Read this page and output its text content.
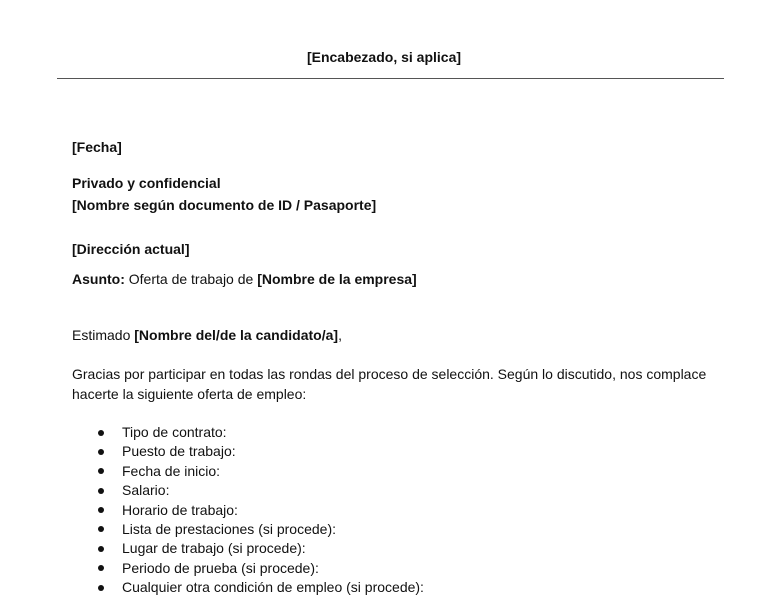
[Encabezado, si aplica]
[Fecha]
Privado y confidencial
[Nombre según documento de ID / Pasaporte]
[Dirección actual]
Asunto: Oferta de trabajo de [Nombre de la empresa]
Estimado [Nombre del/de la candidato/a],
Gracias por participar en todas las rondas del proceso de selección. Según lo discutido, nos complace hacerte la siguiente oferta de empleo:
Tipo de contrato:
Puesto de trabajo:
Fecha de inicio:
Salario:
Horario de trabajo:
Lista de prestaciones (si procede):
Lugar de trabajo (si procede):
Periodo de prueba (si procede):
Cualquier otra condición de empleo (si procede):
